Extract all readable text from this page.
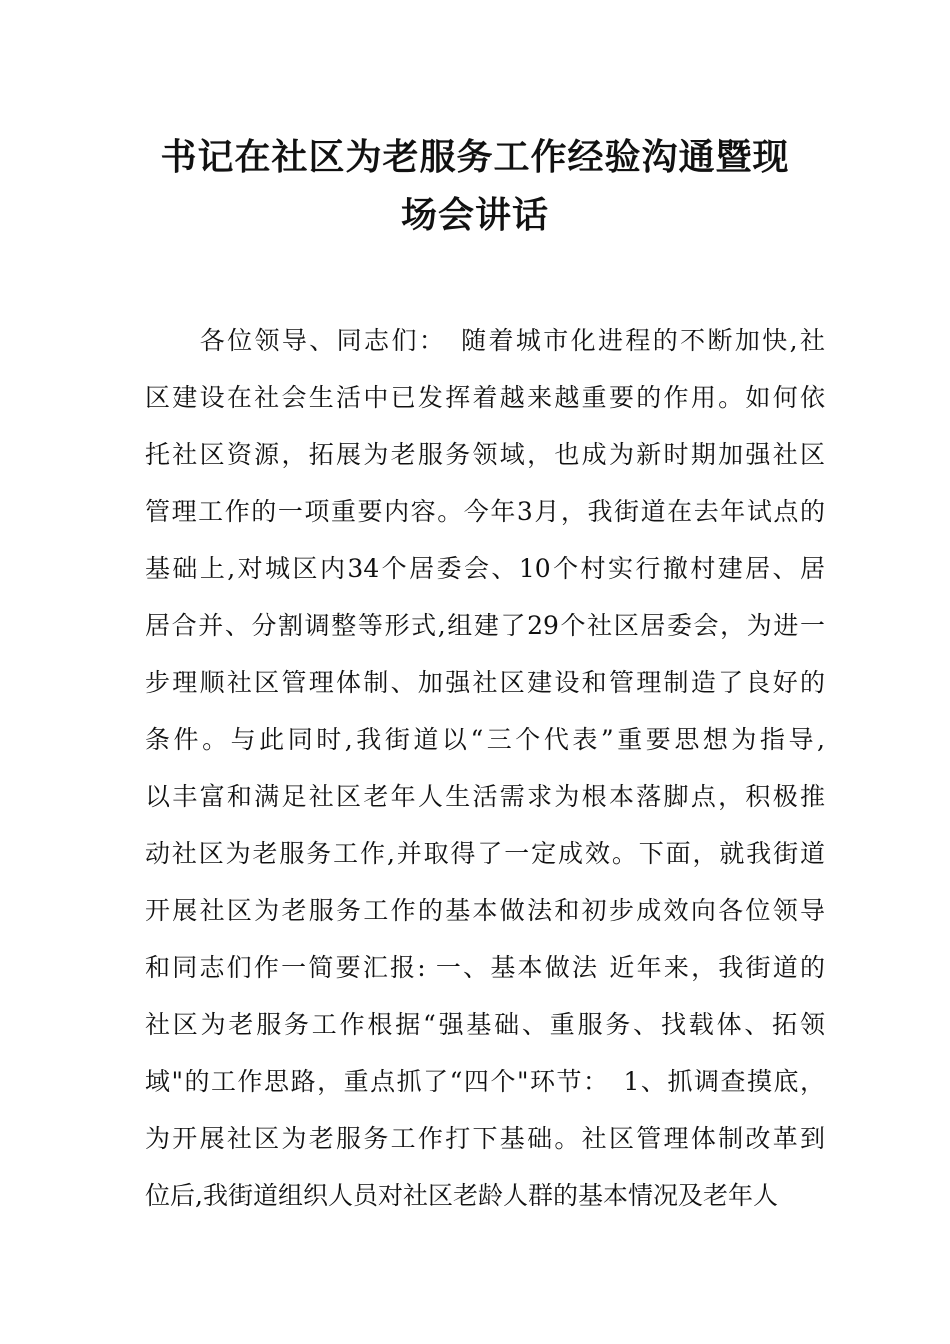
书记在社区为老服务工作经验沟通暨现
场会讲话
　　各位领导、同志们：　随着城市化进程的不断加快,社
区建设在社会生活中已发挥着越来越重要的作用。如何依
托社区资源，拓展为老服务领域，也成为新时期加强社区
管理工作的一项重要内容。今年3月，我街道在去年试点的
基础上,对城区内34个居委会、10个村实行撤村建居、居
居合并、分割调整等形式,组建了29个社区居委会，为进一
步理顺社区管理体制、加强社区建设和管理制造了良好的
条件。与此同时,我街道以“三个代表”重要思想为指导,
以丰富和满足社区老年人生活需求为根本落脚点，积极推
动社区为老服务工作,并取得了一定成效。下面，就我街道
开展社区为老服务工作的基本做法和初步成效向各位领导
和同志们作一简要汇报: 一、基本做法 近年来，我街道的
社区为老服务工作根据“强基础、重服务、找载体、拓领
域"的工作思路，重点抓了“四个"环节：　1、抓调查摸底，
为开展社区为老服务工作打下基础。社区管理体制改革到
位后,我街道组织人员对社区老龄人群的基本情况及老年人
